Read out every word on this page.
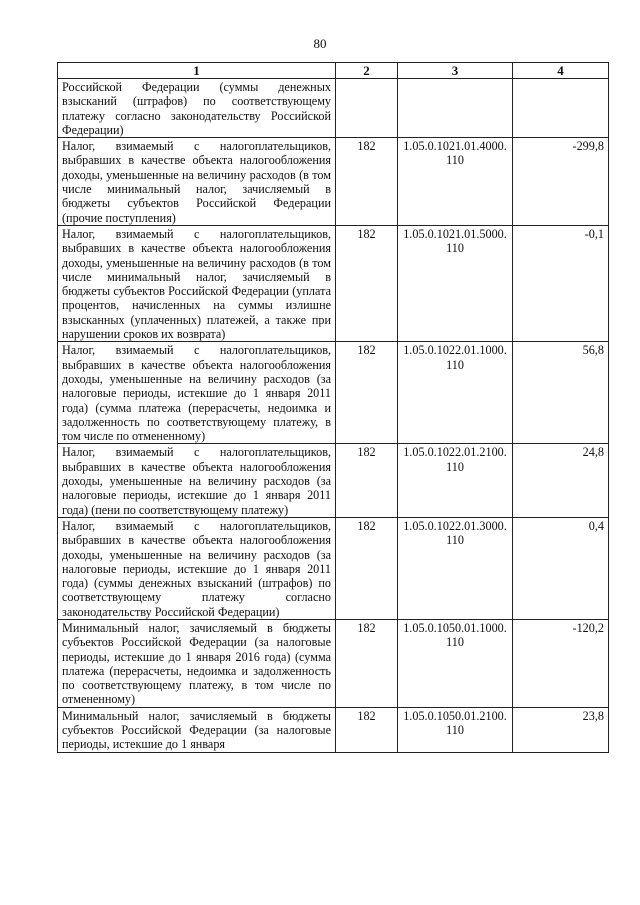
80
1	2	3	4
Российской Федерации (суммы денежных взысканий (штрафов) по соответствующему платежу согласно законодательству Российской Федерации)			
Налог, взимаемый с налогоплательщиков, выбравших в качестве объекта налогообложения доходы, уменьшенные на величину расходов (в том числе минимальный налог, зачисляемый в бюджеты субъектов Российской Федерации (прочие поступления)	182	1.05.0.1021.01.4000. 110	-299,8
Налог, взимаемый с налогоплательщиков, выбравших в качестве объекта налогообложения доходы, уменьшенные на величину расходов (в том числе минимальный налог, зачисляемый в бюджеты субъектов Российской Федерации (уплата процентов, начисленных на суммы излишне взысканных (уплаченных) платежей, а также при нарушении сроков их возврата)	182	1.05.0.1021.01.5000. 110	-0,1
Налог, взимаемый с налогоплательщиков, выбравших в качестве объекта налогообложения доходы, уменьшенные на величину расходов (за налоговые периоды, истекшие до 1 января 2011 года) (сумма платежа (перерасчеты, недоимка и задолженность по соответствующему платежу, в том числе по отмененному)	182	1.05.0.1022.01.1000. 110	56,8
Налог, взимаемый с налогоплательщиков, выбравших в качестве объекта налогообложения доходы, уменьшенные на величину расходов (за налоговые периоды, истекшие до 1 января 2011 года) (пени по соответствующему платежу)	182	1.05.0.1022.01.2100. 110	24,8
Налог, взимаемый с налогоплательщиков, выбравших в качестве объекта налогообложения доходы, уменьшенные на величину расходов (за налоговые периоды, истекшие до 1 января 2011 года) (суммы денежных взысканий (штрафов) по соответствующему платежу согласно законодательству Российской Федерации)	182	1.05.0.1022.01.3000. 110	0,4
Минимальный налог, зачисляемый в бюджеты субъектов Российской Федерации (за налоговые периоды, истекшие до 1 января 2016 года) (сумма платежа (перерасчеты, недоимка и задолженность по соответствующему платежу, в том числе по отмененному)	182	1.05.0.1050.01.1000. 110	-120,2
Минимальный налог, зачисляемый в бюджеты субъектов Российской Федерации (за налоговые периоды, истекшие до 1 января	182	1.05.0.1050.01.2100. 110	23,8
